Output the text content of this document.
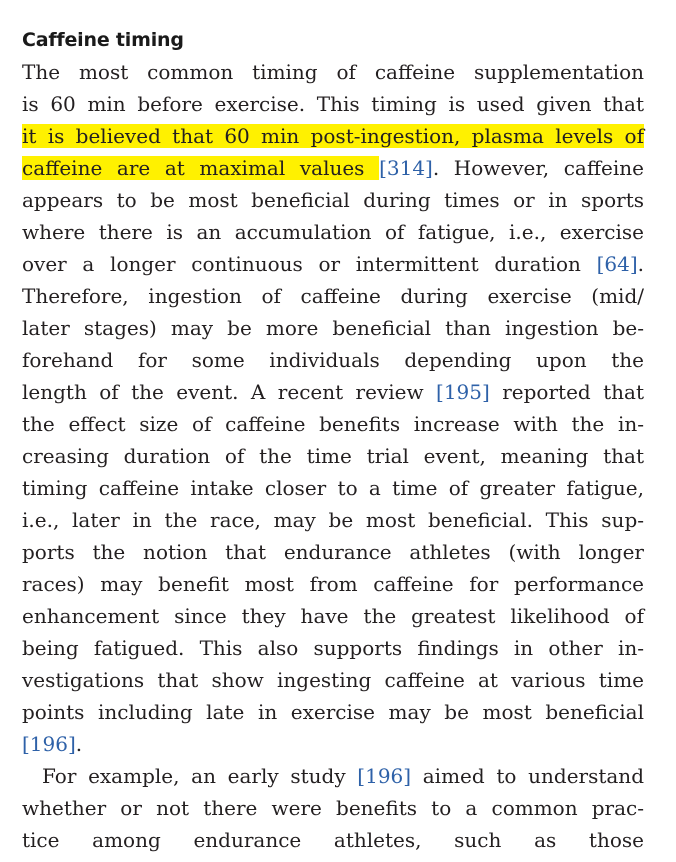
Caffeine timing
The most common timing of caffeine supplementation
is 60 min before exercise. This timing is used given that
it is believed that 60 min post-ingestion, plasma levels of
caffeine are at maximal values [314]. However, caffeine
appears to be most beneficial during times or in sports
where there is an accumulation of fatigue, i.e., exercise
over a longer continuous or intermittent duration [64].
Therefore, ingestion of caffeine during exercise (mid/
later stages) may be more beneficial than ingestion be-
forehand for some individuals depending upon the
length of the event. A recent review [195] reported that
the effect size of caffeine benefits increase with the in-
creasing duration of the time trial event, meaning that
timing caffeine intake closer to a time of greater fatigue,
i.e., later in the race, may be most beneficial. This sup-
ports the notion that endurance athletes (with longer
races) may benefit most from caffeine for performance
enhancement since they have the greatest likelihood of
being fatigued. This also supports findings in other in-
vestigations that show ingesting caffeine at various time
points including late in exercise may be most beneficial
[196].
For example, an early study [196] aimed to understand
whether or not there were benefits to a common prac-
tice among endurance athletes, such as those
